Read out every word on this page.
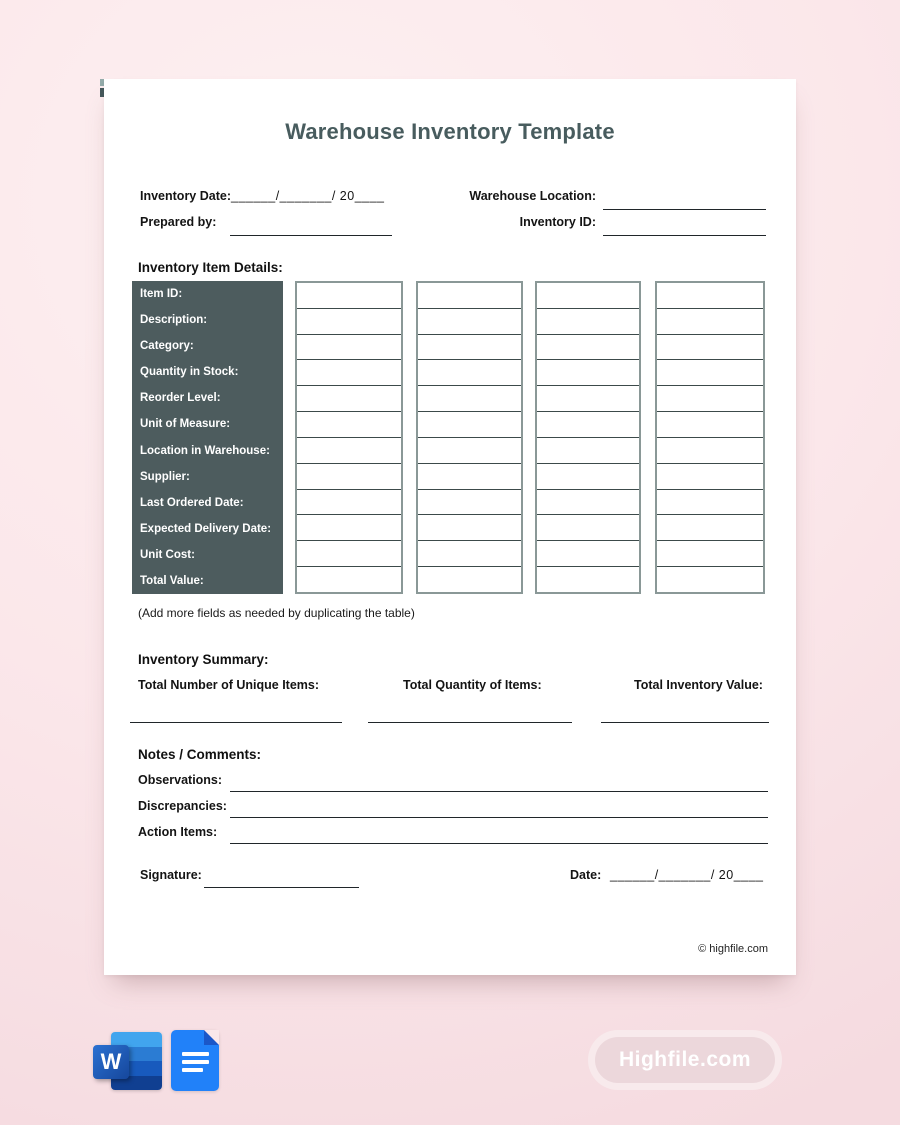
Warehouse Inventory Template
Inventory Date: ______/_______/ 20____	Warehouse Location:
Prepared by:	Inventory ID:
Inventory Item Details:
Item ID:
Description:
Category:
Quantity in Stock:
Reorder Level:
Unit of Measure:
Location in Warehouse:
Supplier:
Last Ordered Date:
Expected Delivery Date:
Unit Cost:
Total Value:
(Add more fields as needed by duplicating the table)
Inventory Summary:
Total Number of Unique Items:	Total Quantity of Items:	Total Inventory Value:
Notes / Comments:
Observations:
Discrepancies:
Action Items:
Signature:	Date: ______/_______/ 20____
© highfile.com
W	Highfile.com
